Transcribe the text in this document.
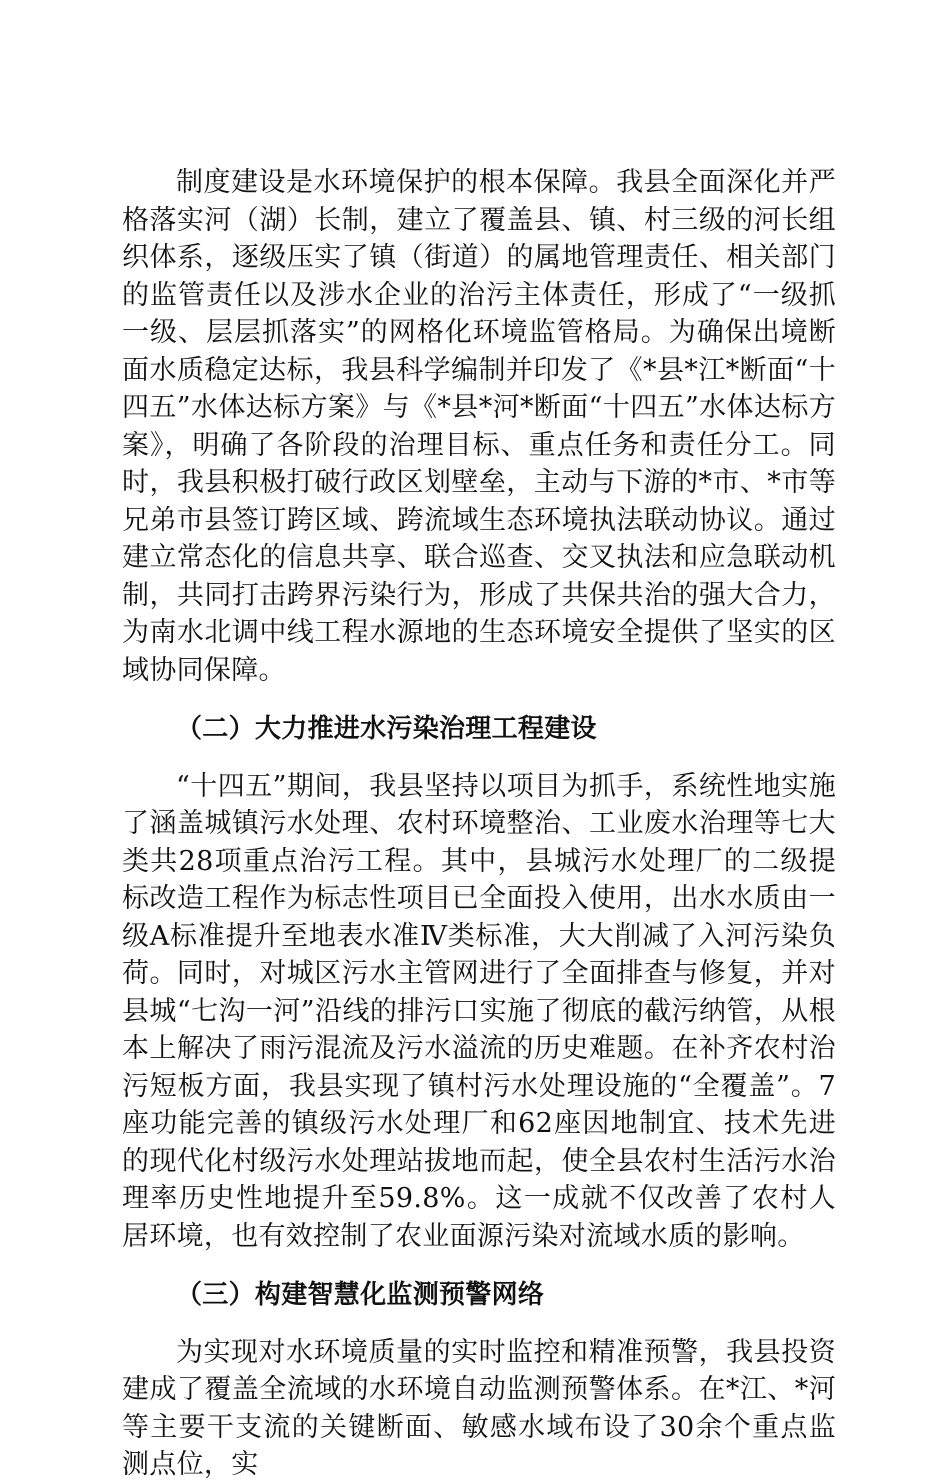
制度建设是水环境保护的根本保障。我县全面深化并严格落实河（湖）长制，建立了覆盖县、镇、村三级的河长组织体系，逐级压实了镇（街道）的属地管理责任、相关部门的监管责任以及涉水企业的治污主体责任，形成了“一级抓一级、层层抓落实”的网格化环境监管格局。为确保出境断面水质稳定达标，我县科学编制并印发了《*县*江*断面“十四五”水体达标方案》与《*县*河*断面“十四五”水体达标方案》，明确了各阶段的治理目标、重点任务和责任分工。同时，我县积极打破行政区划壁垒，主动与下游的*市、*市等兄弟市县签订跨区域、跨流域生态环境执法联动协议。通过建立常态化的信息共享、联合巡查、交叉执法和应急联动机制，共同打击跨界污染行为，形成了共保共治的强大合力，为南水北调中线工程水源地的生态环境安全提供了坚实的区域协同保障。

（二）大力推进水污染治理工程建设

“十四五”期间，我县坚持以项目为抓手，系统性地实施了涵盖城镇污水处理、农村环境整治、工业废水治理等七大类共28项重点治污工程。其中，县城污水处理厂的二级提标改造工程作为标志性项目已全面投入使用，出水水质由一级A标准提升至地表水准Ⅳ类标准，大大削减了入河污染负荷。同时，对城区污水主管网进行了全面排查与修复，并对县城“七沟一河”沿线的排污口实施了彻底的截污纳管，从根本上解决了雨污混流及污水溢流的历史难题。在补齐农村治污短板方面，我县实现了镇村污水处理设施的“全覆盖”。7座功能完善的镇级污水处理厂和62座因地制宜、技术先进的现代化村级污水处理站拔地而起，使全县农村生活污水治理率历史性地提升至59.8%。这一成就不仅改善了农村人居环境，也有效控制了农业面源污染对流域水质的影响。

（三）构建智慧化监测预警网络

为实现对水环境质量的实时监控和精准预警，我县投资建成了覆盖全流域的水环境自动监测预警体系。在*江、*河等主要干支流的关键断面、敏感水域布设了30余个重点监测点位，实
